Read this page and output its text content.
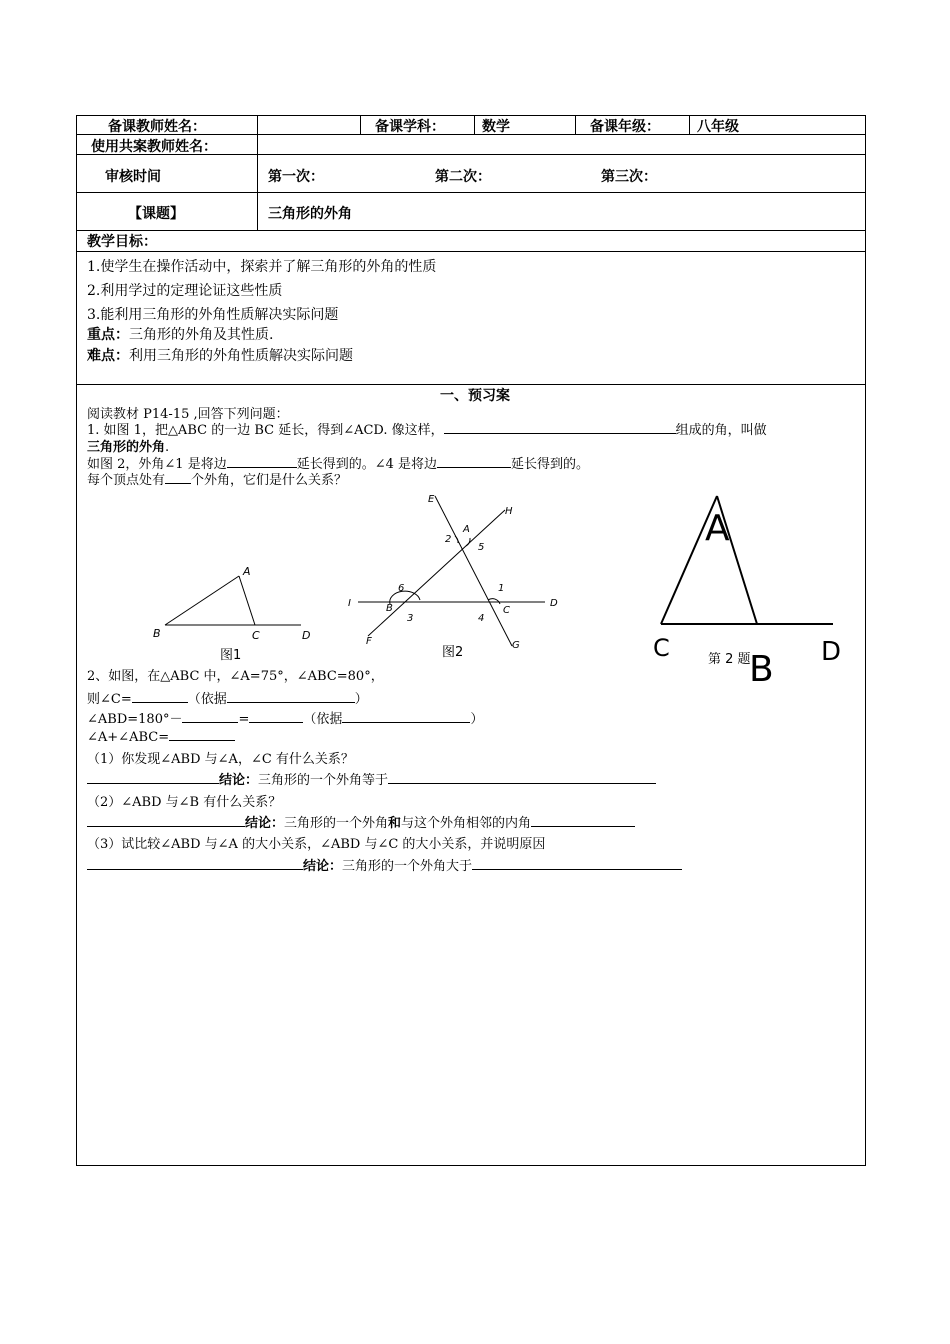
备课教师姓名：	备课学科：	数学	备课年级：	八年级
使用共案教师姓名：
审核时间	第一次：	第二次：	第三次：
【课题】	三角形的外角
教学目标：
1.使学生在操作活动中，探索并了解三角形的外角的性质
2.利用学过的定理论证这些性质
3.能利用三角形的外角性质解决实际问题
重点：三角形的外角及其性质.
难点：利用三角形的外角性质解决实际问题
一、预习案
阅读教材 P14-15 ,回答下列问题：
1. 如图 1，把△ABC 的一边 BC 延长，得到∠ACD. 像这样，	组成的角，叫做
三角形的外角.
如图 2，外角∠1 是将边	延长得到的。∠4 是将边	延长得到的。
每个顶点处有 个外角，它们是什么关系？
A
B	C	D
图1
E
A
H
2
5
6	1
I	B	C
D
3	4
F	G
图2
A
C
B D
第 2 题
2、如图，在△ABC 中，∠A=75°，∠ABC=80°，
则∠C=	（依据	）
∠ABD=180°－	=	（依据	）
∠A+∠ABC=
（1）你发现∠ABD 与∠A，∠C 有什么关系？
结论：三角形的一个外角等于
（2）∠ABD 与∠B 有什么关系？
结论：三角形的一个外角和与这个外角相邻的内角
（3）试比较∠ABD 与∠A 的大小关系，∠ABD 与∠C 的大小关系，并说明原因
结论：三角形的一个外角大于
